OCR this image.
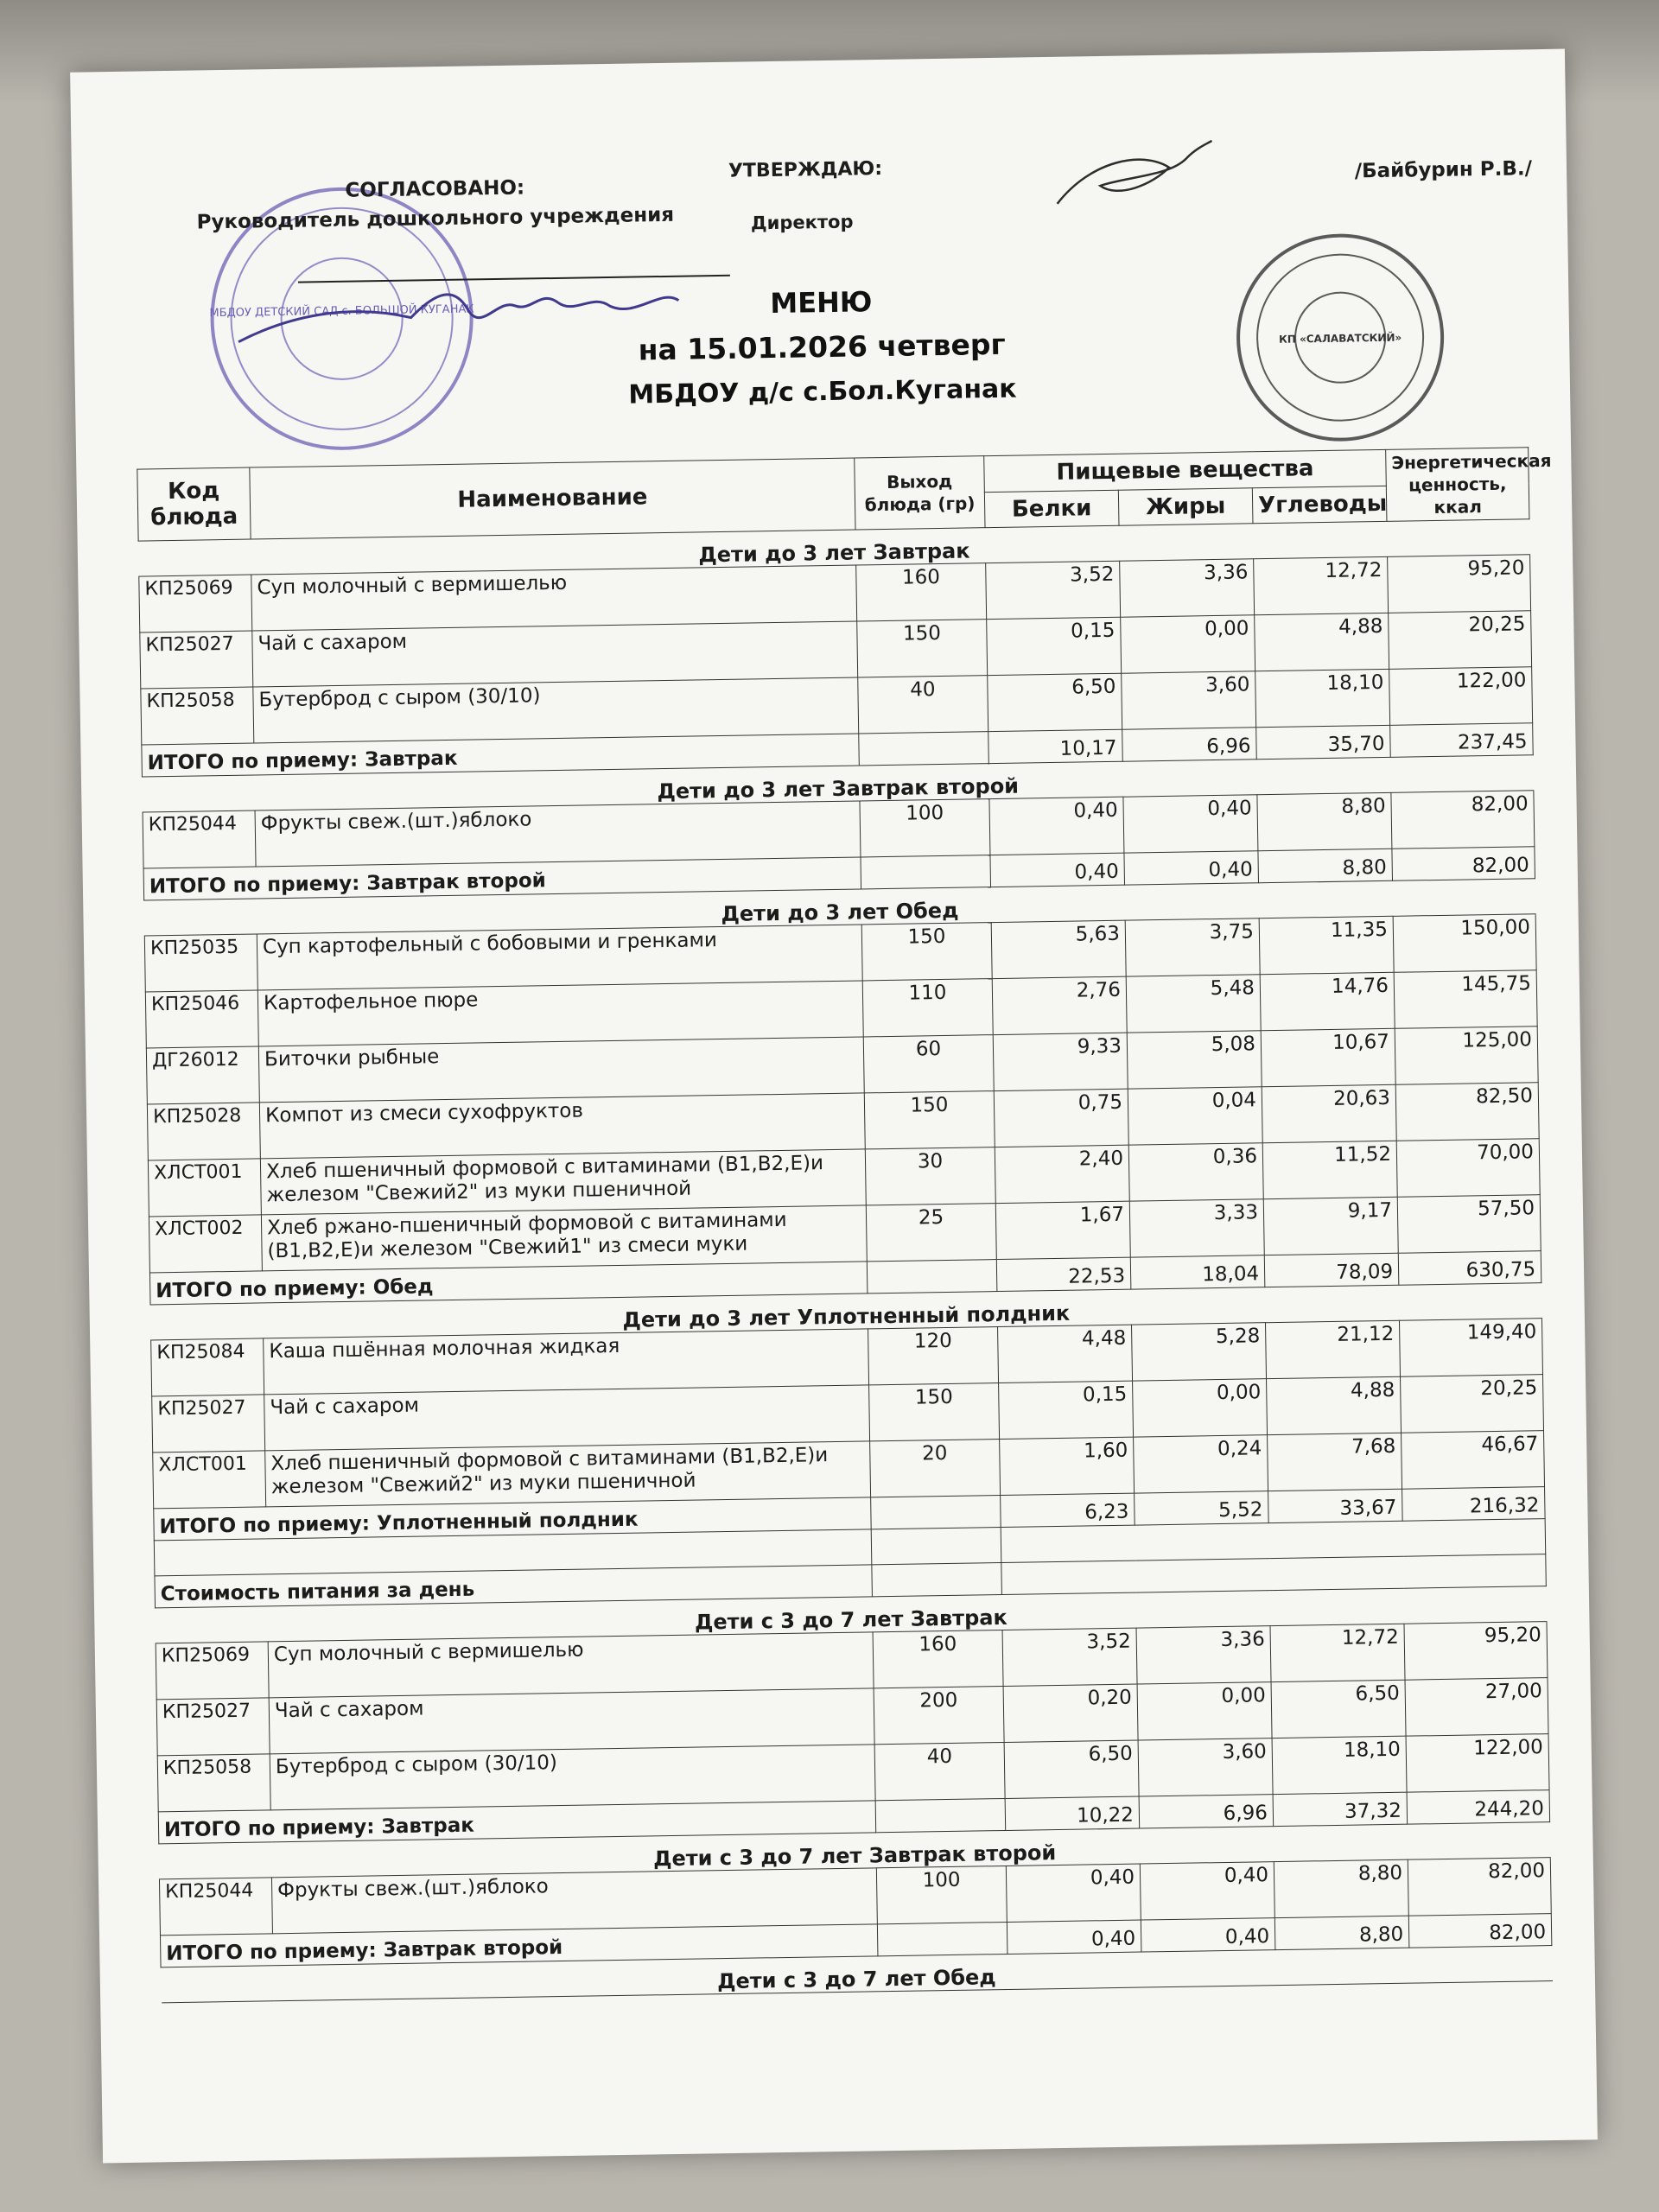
МБДОУ ДЕТСКИЙ САД с. БОЛЬШОЙ КУГАНАК
КП «САЛАВАТСКИЙ»
СОГЛАСОВАНО:
Руководитель дошкольного учреждения
УТВЕРЖДАЮ:
Директор
/Байбурин Р.В./
МЕНЮ
на 15.01.2026 четверг
МБДОУ д/с с.Бол.Куганак
Код блюда	Наименование	Выход блюда (гр)	Пищевые вещества			Энергетическая ценность, ккал
			Белки	Жиры	Углеводы	
Дети до 3 лет Завтрак						
КП25069	Суп молочный с вермишелью	160	3,52	3,36	12,72	95,20
КП25027	Чай с сахаром	150	0,15	0,00	4,88	20,25
КП25058	Бутерброд с сыром (30/10)	40	6,50	3,60	18,10	122,00
ИТОГО по приему: Завтрак			10,17	6,96	35,70	237,45
Дети до 3 лет Завтрак второй						
КП25044	Фрукты свеж.(шт.)яблоко	100	0,40	0,40	8,80	82,00
ИТОГО по приему: Завтрак второй			0,40	0,40	8,80	82,00
Дети до 3 лет Обед						
КП25035	Суп картофельный с бобовыми и гренками	150	5,63	3,75	11,35	150,00
КП25046	Картофельное пюре	110	2,76	5,48	14,76	145,75
ДГ26012	Биточки рыбные	60	9,33	5,08	10,67	125,00
КП25028	Компот из смеси сухофруктов	150	0,75	0,04	20,63	82,50
ХЛСТ001	Хлеб пшеничный формовой с витаминами (В1,В2,Е)и железом "Свежий2" из муки пшеничной	30	2,40	0,36	11,52	70,00
ХЛСТ002	Хлеб ржано-пшеничный формовой с витаминами (В1,В2,Е)и железом "Свежий1" из смеси муки	25	1,67	3,33	9,17	57,50
ИТОГО по приему: Обед			22,53	18,04	78,09	630,75
Дети до 3 лет Уплотненный полдник						
КП25084	Каша пшённая молочная жидкая	120	4,48	5,28	21,12	149,40
КП25027	Чай с сахаром	150	0,15	0,00	4,88	20,25
ХЛСТ001	Хлеб пшеничный формовой с витаминами (В1,В2,Е)и железом "Свежий2" из муки пшеничной	20	1,60	0,24	7,68	46,67
ИТОГО по приему: Уплотненный полдник			6,23	5,52	33,67	216,32

Стоимость питания за день						
Дети с 3 до 7 лет Завтрак						
КП25069	Суп молочный с вермишелью	160	3,52	3,36	12,72	95,20
КП25027	Чай с сахаром	200	0,20	0,00	6,50	27,00
КП25058	Бутерброд с сыром (30/10)	40	6,50	3,60	18,10	122,00
ИТОГО по приему: Завтрак			10,22	6,96	37,32	244,20
Дети с 3 до 7 лет Завтрак второй						
КП25044	Фрукты свеж.(шт.)яблоко	100	0,40	0,40	8,80	82,00
ИТОГО по приему: Завтрак второй			0,40	0,40	8,80	82,00
Дети с 3 до 7 лет Обед						
